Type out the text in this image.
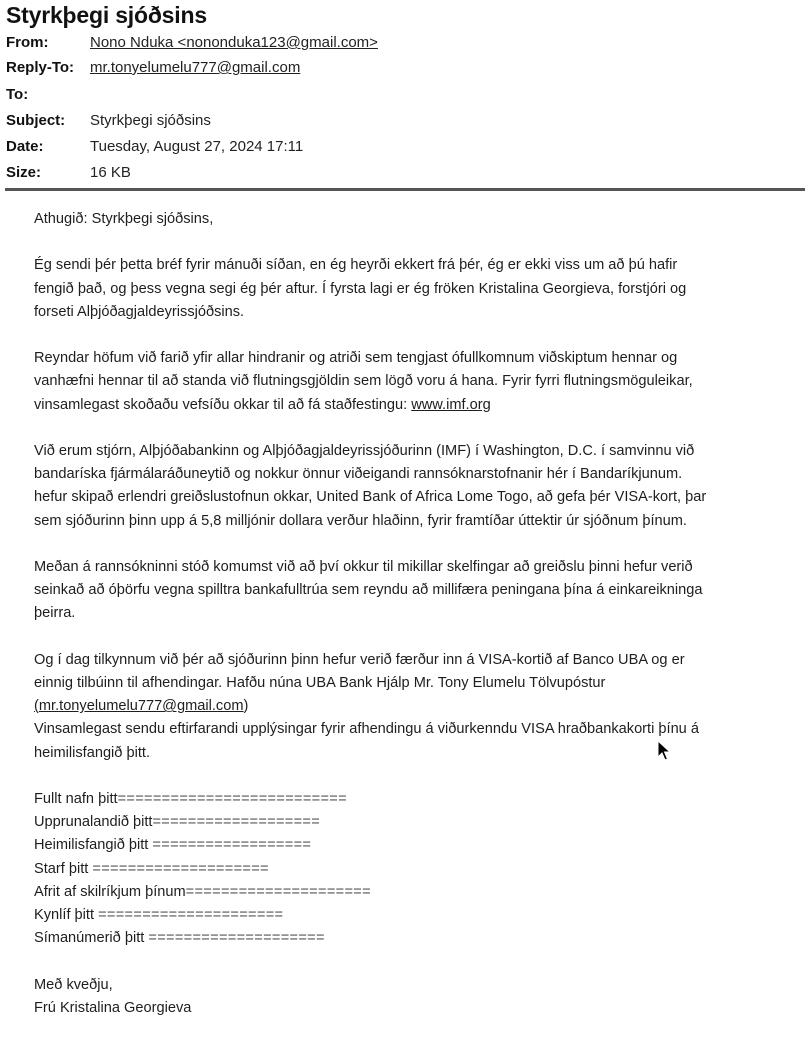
Styrkþegi sjóðsins
From:	Nono Nduka <nononduka123@gmail.com>
Reply-To: mr.tonyelumelu777@gmail.com
To:
Subject: Styrkþegi sjóðsins
Date:	Tuesday, August 27, 2024 17:11
Size:	16 KB

Athugið: Styrkþegi sjóðsins,

Ég sendi þér þetta bréf fyrir mánuði síðan, en ég heyrði ekkert frá þér, ég er ekki viss um að þú hafir
fengið það, og þess vegna segi ég þér aftur. Í fyrsta lagi er ég fröken Kristalina Georgieva, forstjóri og
forseti Alþjóðagjaldeyrissjóðsins.

Reyndar höfum við farið yfir allar hindranir og atriði sem tengjast ófullkomnum viðskiptum hennar og
vanhæfni hennar til að standa við flutningsgjöldin sem lögð voru á hana. Fyrir fyrri flutningsmöguleikar,
vinsamlegast skoðaðu vefsíðu okkar til að fá staðfestingu: www.imf.org

Við erum stjórn, Alþjóðabankinn og Alþjóðagjaldeyrissjóðurinn (IMF) í Washington, D.C. í samvinnu við
bandaríska fjármálaráðuneytið og nokkur önnur viðeigandi rannsóknarstofnanir hér í Bandaríkjunum.
hefur skipað erlendri greiðslustofnun okkar, United Bank of Africa Lome Togo, að gefa þér VISA-kort, þar
sem sjóðurinn þinn upp á 5,8 milljónir dollara verður hlaðinn, fyrir framtíðar úttektir úr sjóðnum þínum.

Meðan á rannsókninni stóð komumst við að því okkur til mikillar skelfingar að greiðslu þinni hefur verið
seinkað að óþörfu vegna spilltra bankafulltrúa sem reyndu að millifæra peningana þína á einkareikninga
þeirra.

Og í dag tilkynnum við þér að sjóðurinn þinn hefur verið færður inn á VISA-kortið af Banco UBA og er
einnig tilbúinn til afhendingar. Hafðu núna UBA Bank Hjálp Mr. Tony Elumelu Tölvupóstur
(mr.tonyelumelu777@gmail.com)
Vinsamlegast sendu eftirfarandi upplýsingar fyrir afhendingu á viðurkenndu VISA hraðbankakorti þínu á
heimilisfangið þitt.

Fullt nafn þitt==========================
Upprunalandið þitt===================
Heimilisfangið þitt ==================
Starf þitt ====================
Afrit af skilríkjum þínum=====================
Kynlíf þitt =====================
Símanúmerið þitt ====================

Með kveðju,
Frú Kristalina Georgieva
